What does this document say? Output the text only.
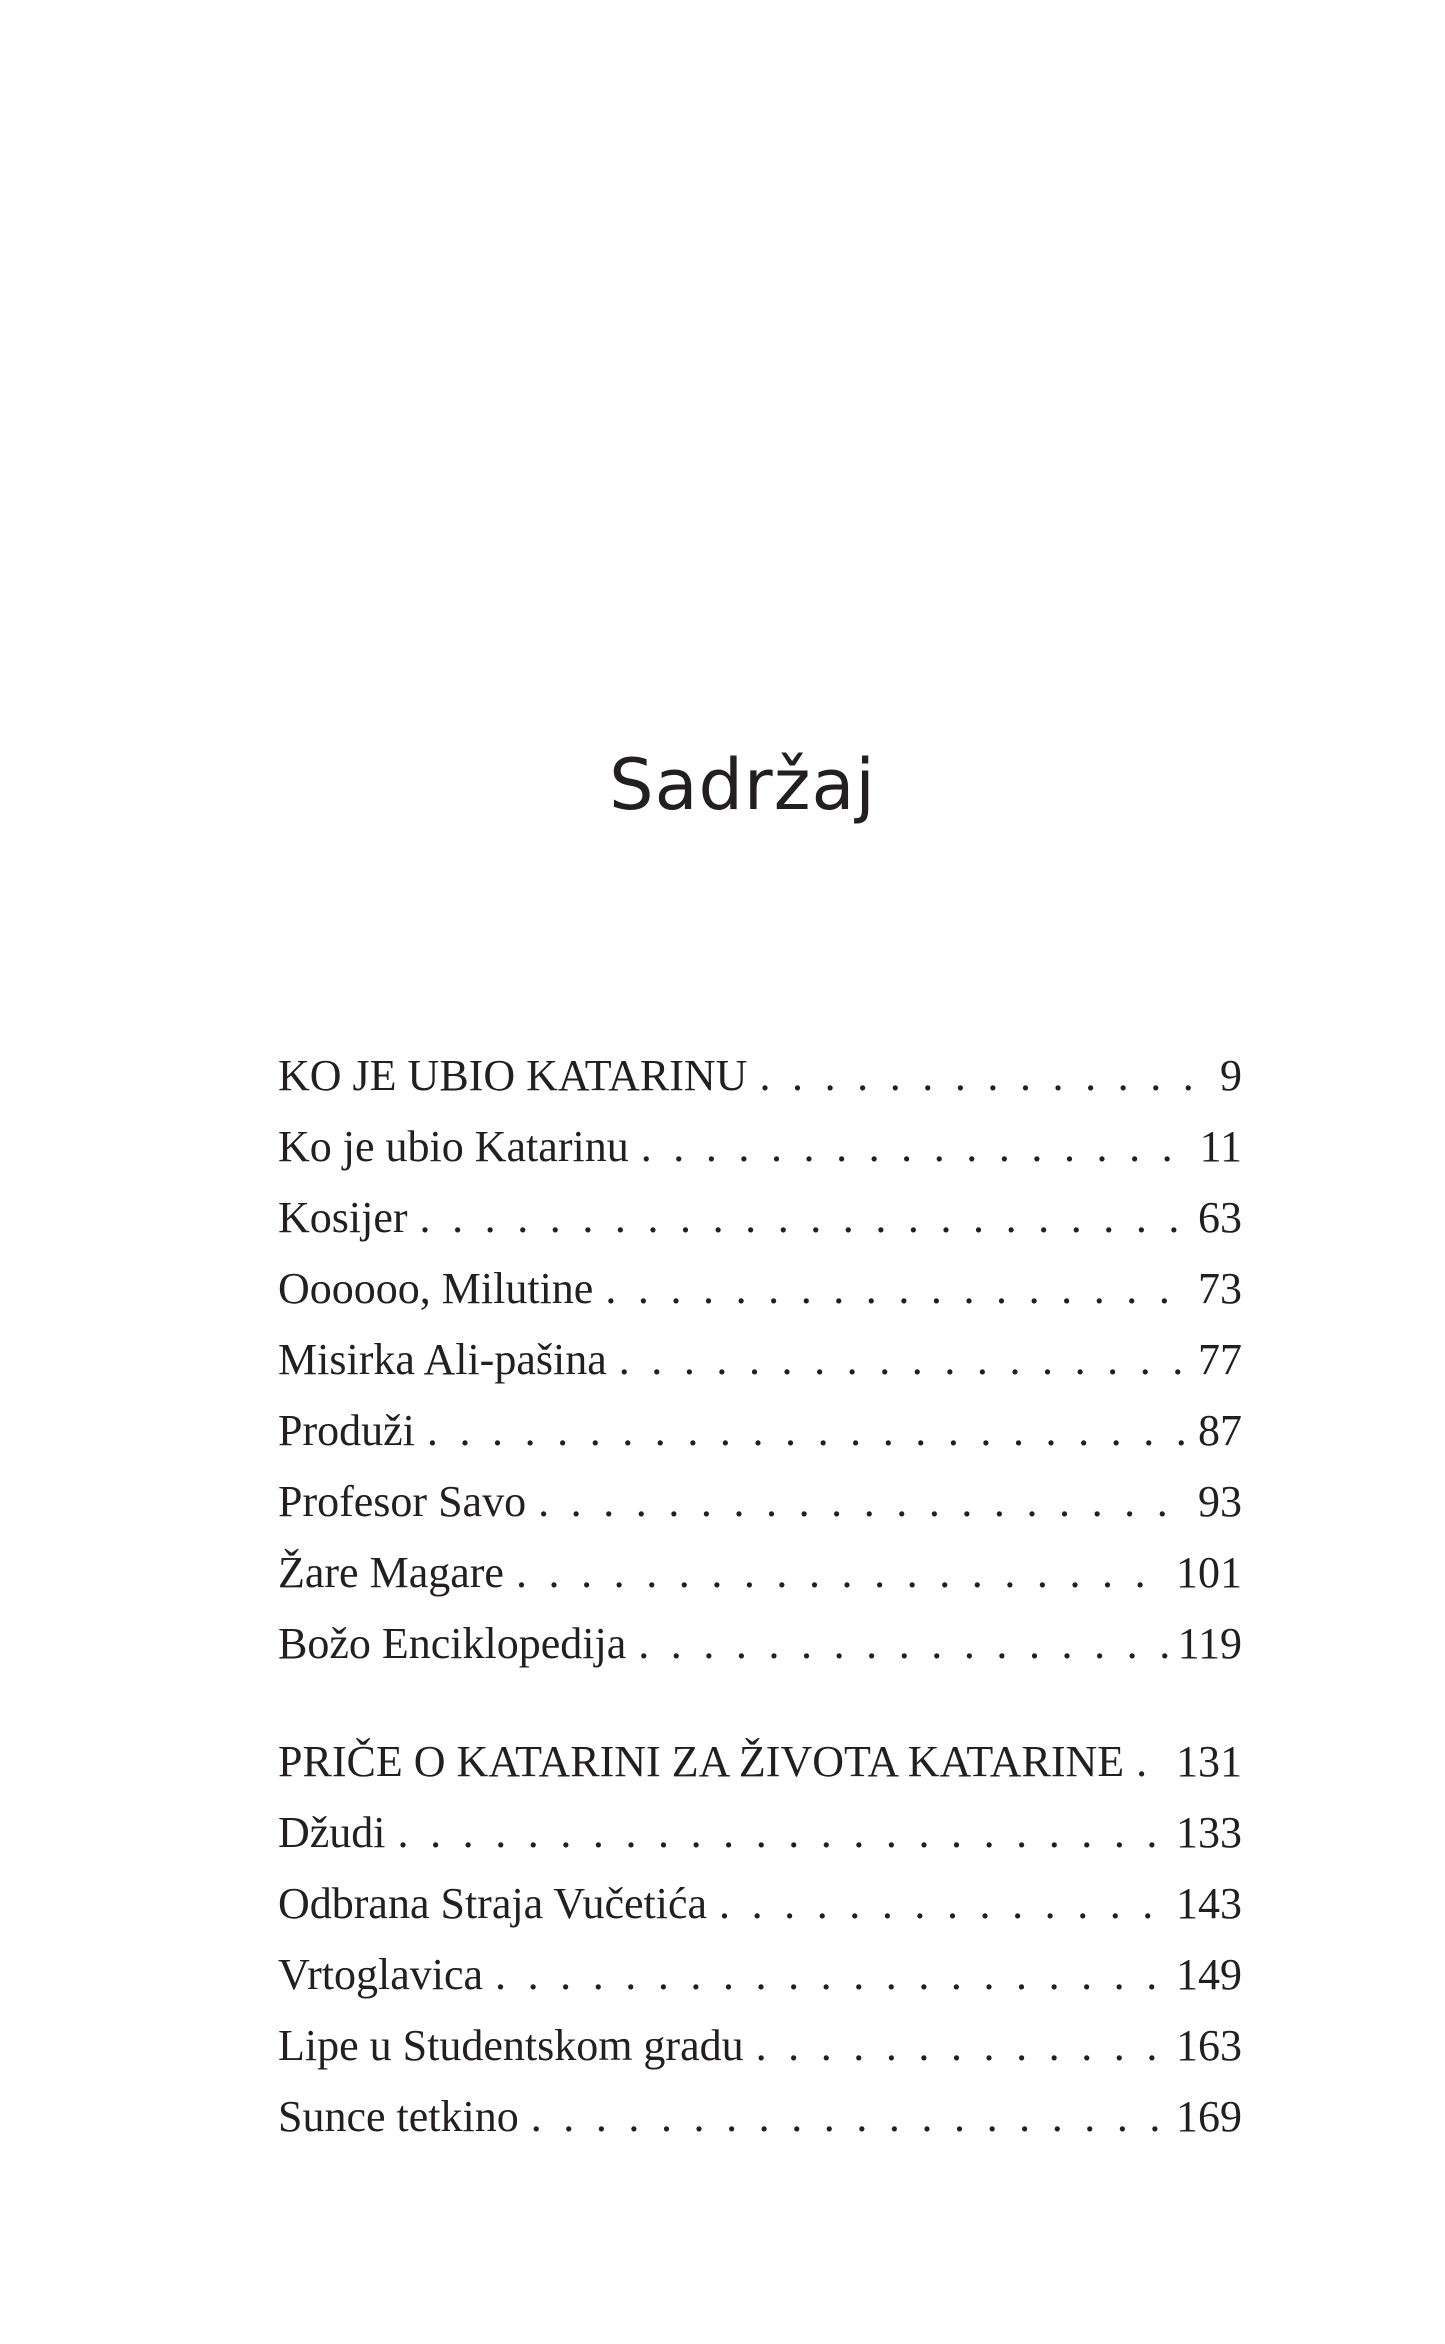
Sadržaj
KO JE UBIO KATARINU . . .	9
Ko je ubio Katarinu . . .	11
Kosijer . . .	63
Oooooo, Milutine . . .	73
Misirka Ali-pašina . . .	77
Produži . . .	87
Profesor Savo . . .	93
Žare Magare . . .	101
Božo Enciklopedija . . .	119
PRIČE O KATARINI ZA ŽIVOTA KATARINE . . . 131
Džudi . . .	133
Odbrana Straja Vučetića . . .	143
Vrtoglavica . . .	149
Lipe u Studentskom gradu . . .	163
Sunce tetkino . . .	169
